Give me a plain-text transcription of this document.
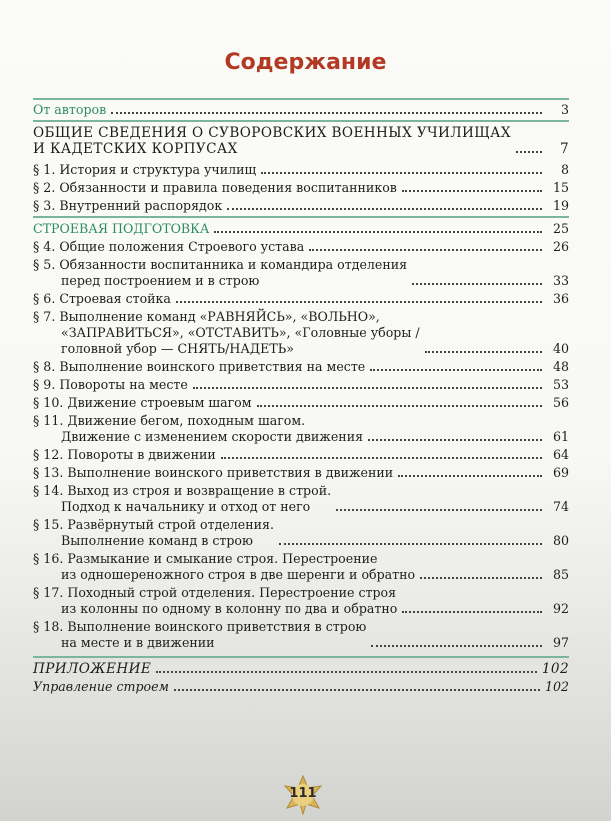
Содержание
От авторов	3
ОБЩИЕ СВЕДЕНИЯ О СУВОРОВСКИХ ВОЕННЫХ УЧИЛИЩАХ
И КАДЕТСКИХ КОРПУСАХ	7
§ 1. История и структура училищ	8
§ 2. Обязанности и правила поведения воспитанников	15
§ 3. Внутренний распорядок	19
СТРОЕВАЯ ПОДГОТОВКА	25
§ 4. Общие положения Строевого устава	26
§ 5. Обязанности воспитанника и командира отделения
перед построением и в строю	33
§ 6. Строевая стойка	36
§ 7. Выполнение команд «РАВНЯЙСЬ», «ВОЛЬНО»,
«ЗАПРАВИТЬСЯ», «ОТСТАВИТЬ», «Головные уборы /
головной убор — СНЯТЬ/НАДЕТЬ»	40
§ 8. Выполнение воинского приветствия на месте	48
§ 9. Повороты на месте	53
§ 10. Движение строевым шагом	56
§ 11. Движение бегом, походным шагом.
Движение с изменением скорости движения	61
§ 12. Повороты в движении	64
§ 13. Выполнение воинского приветствия в движении	69
§ 14. Выход из строя и возвращение в строй.
Подход к начальнику и отход от него	74
§ 15. Развёрнутый строй отделения.
Выполнение команд в строю	80
§ 16. Размыкание и смыкание строя. Перестроение
из одношереножного строя в две шеренги и обратно	85
§ 17. Походный строй отделения. Перестроение строя
из колонны по одному в колонну по два и обратно	92
§ 18. Выполнение воинского приветствия в строю
на месте и в движении	97
ПРИЛОЖЕНИЕ	102
Управление строем	102
111
